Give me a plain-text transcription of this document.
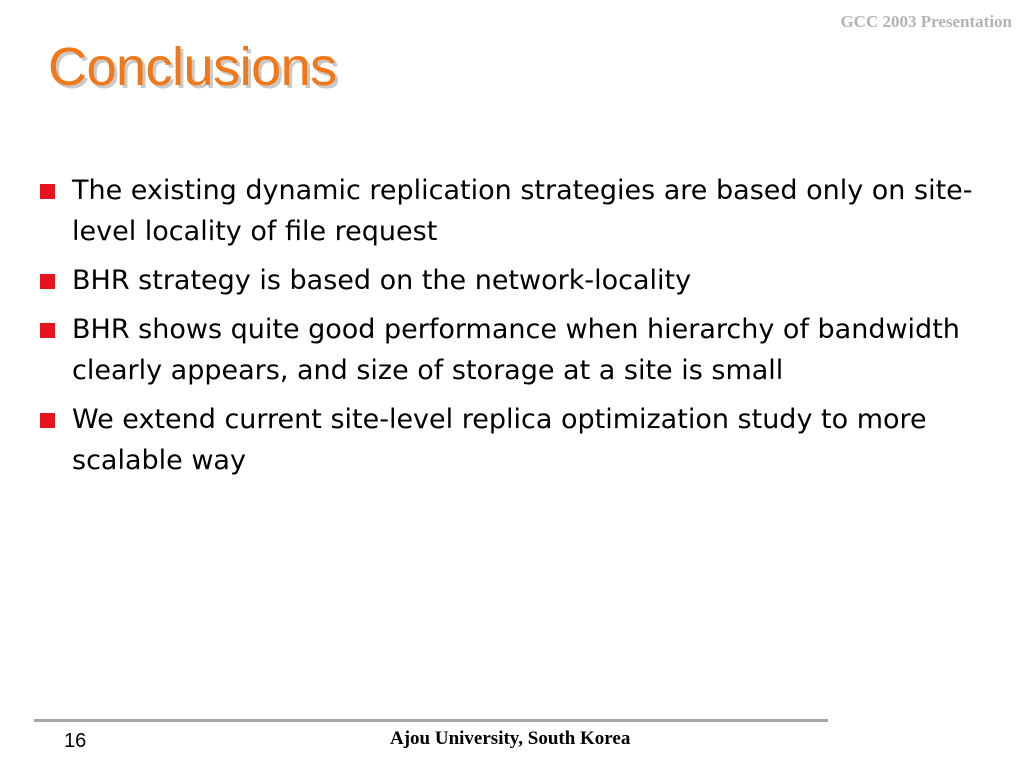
GCC 2003 Presentation
Conclusions
The existing dynamic replication strategies are based only on site-level locality of file request
BHR strategy is based on the network-locality
BHR shows quite good performance when hierarchy of bandwidth clearly appears, and size of storage at a site is small
We extend current site-level replica optimization study to more scalable way
16	Ajou University, South Korea
